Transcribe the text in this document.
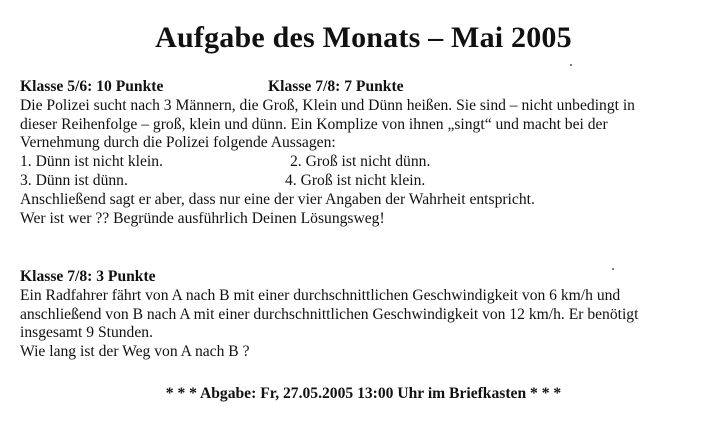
Aufgabe des Monats – Mai 2005
Klasse 5/6: 10 Punkte	Klasse 7/8: 7 Punkte
Die Polizei sucht nach 3 Männern, die Groß, Klein und Dünn heißen. Sie sind – nicht unbedingt in
dieser Reihenfolge – groß, klein und dünn. Ein Komplize von ihnen „singt“ und macht bei der
Vernehmung durch die Polizei folgende Aussagen:
1. Dünn ist nicht klein.	2. Groß ist nicht dünn.
3. Dünn ist dünn.	4. Groß ist nicht klein.
Anschließend sagt er aber, dass nur eine der vier Angaben der Wahrheit entspricht.
Wer ist wer ?? Begründe ausführlich Deinen Lösungsweg!
Klasse 7/8: 3 Punkte
Ein Radfahrer fährt von A nach B mit einer durchschnittlichen Geschwindigkeit von 6 km/h und
anschließend von B nach A mit einer durchschnittlichen Geschwindigkeit von 12 km/h. Er benötigt
insgesamt 9 Stunden.
Wie lang ist der Weg von A nach B ?
* * * Abgabe: Fr, 27.05.2005 13:00 Uhr im Briefkasten * * *
